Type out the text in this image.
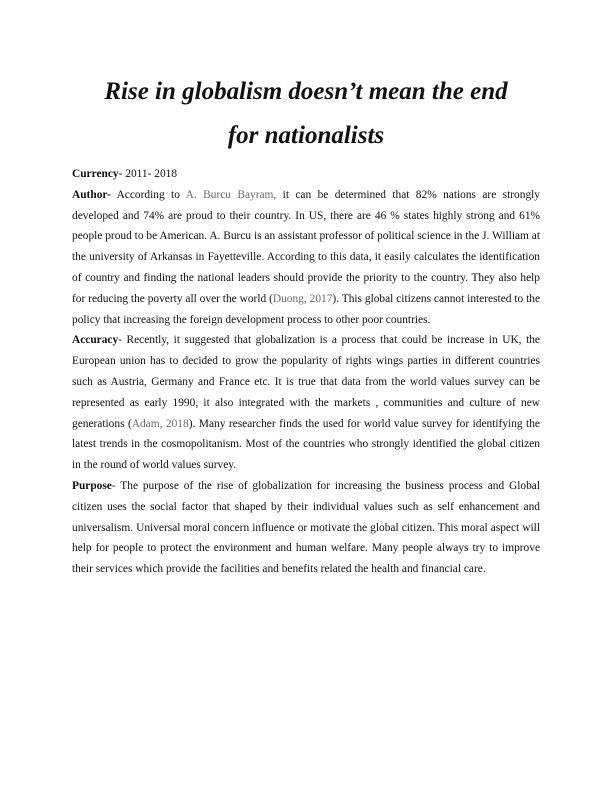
Rise in globalism doesn’t mean the end
for nationalists

Currency- 2011- 2018

Author- According to A. Burcu Bayram, it can be determined that 82% nations are strongly developed and 74% are proud to their country. In US, there are 46 % states highly strong and 61% people proud to be American. A. Burcu is an assistant professor of political science in the J. William at the university of Arkansas in Fayetteville. According to this data, it easily calculates the identification of country and finding the national leaders should provide the priority to the country. They also help for reducing the poverty all over the world (Duong, 2017). This global citizens cannot interested to the policy that increasing the foreign development process to other poor countries.

Accuracy- Recently, it suggested that globalization is a process that could be increase in UK, the European union has to decided to grow the popularity of rights wings parties in different countries such as Austria, Germany and France etc. It is true that data from the world values survey can be represented as early 1990, it also integrated with the markets , communities and culture of new generations (Adam, 2018). Many researcher finds the used for world value survey for identifying the latest trends in the cosmopolitanism. Most of the countries who strongly identified the global citizen in the round of world values survey.

Purpose- The purpose of the rise of globalization for increasing the business process and Global citizen uses the social factor that shaped by their individual values such as self enhancement and universalism. Universal moral concern influence or motivate the global citizen. This moral aspect will help for people to protect the environment and human welfare. Many people always try to improve their services which provide the facilities and benefits related the health and financial care.
